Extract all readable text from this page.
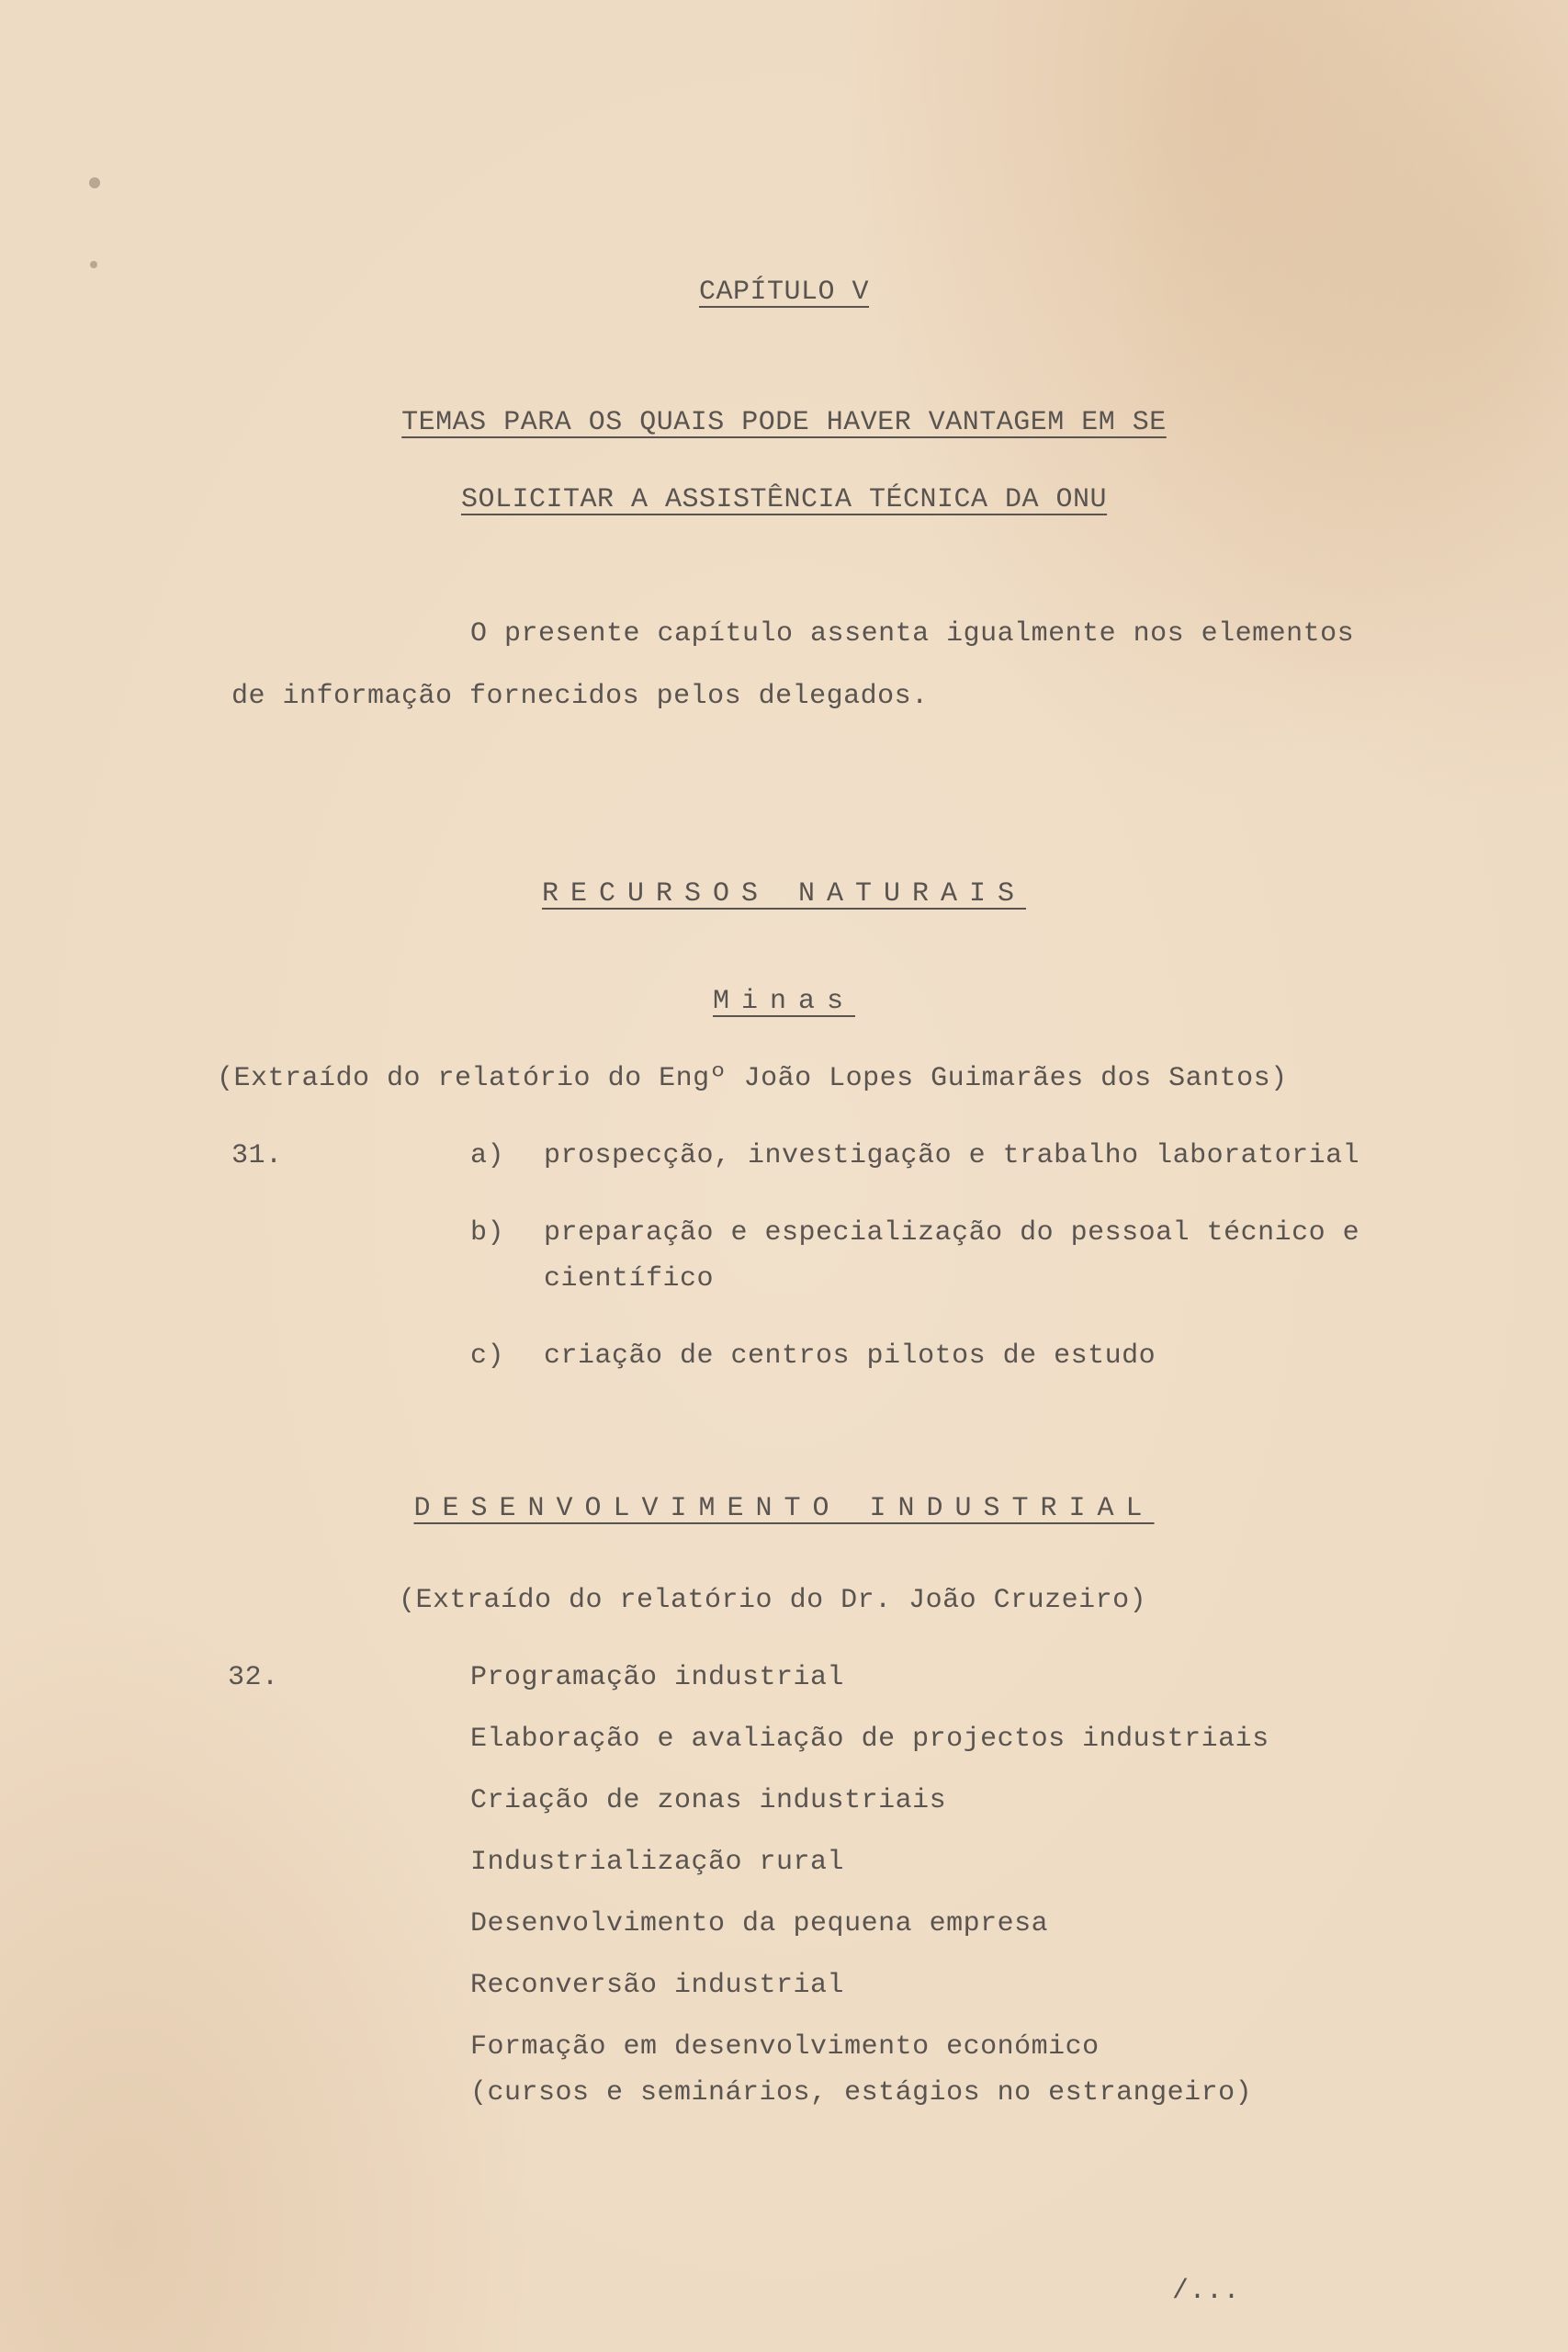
CAPÍTULO V
TEMAS PARA OS QUAIS PODE HAVER VANTAGEM EM SE
SOLICITAR A ASSISTÊNCIA TÉCNICA DA ONU
O presente capítulo assenta igualmente nos elementos
de informação fornecidos pelos delegados.
RECURSOS NATURAIS
Minas
(Extraído do relatório do Engº João Lopes Guimarães dos Santos)
31.	a) prospecção, investigação e trabalho laboratorial
b) preparação e especialização do pessoal técnico e
científico
c) criação de centros pilotos de estudo
DESENVOLVIMENTO INDUSTRIAL
(Extraído do relatório do Dr. João Cruzeiro)
32.	Programação industrial
Elaboração e avaliação de projectos industriais
Criação de zonas industriais
Industrialização rural
Desenvolvimento da pequena empresa
Reconversão industrial
Formação em desenvolvimento económico
(cursos e seminários, estágios no estrangeiro)
/...
